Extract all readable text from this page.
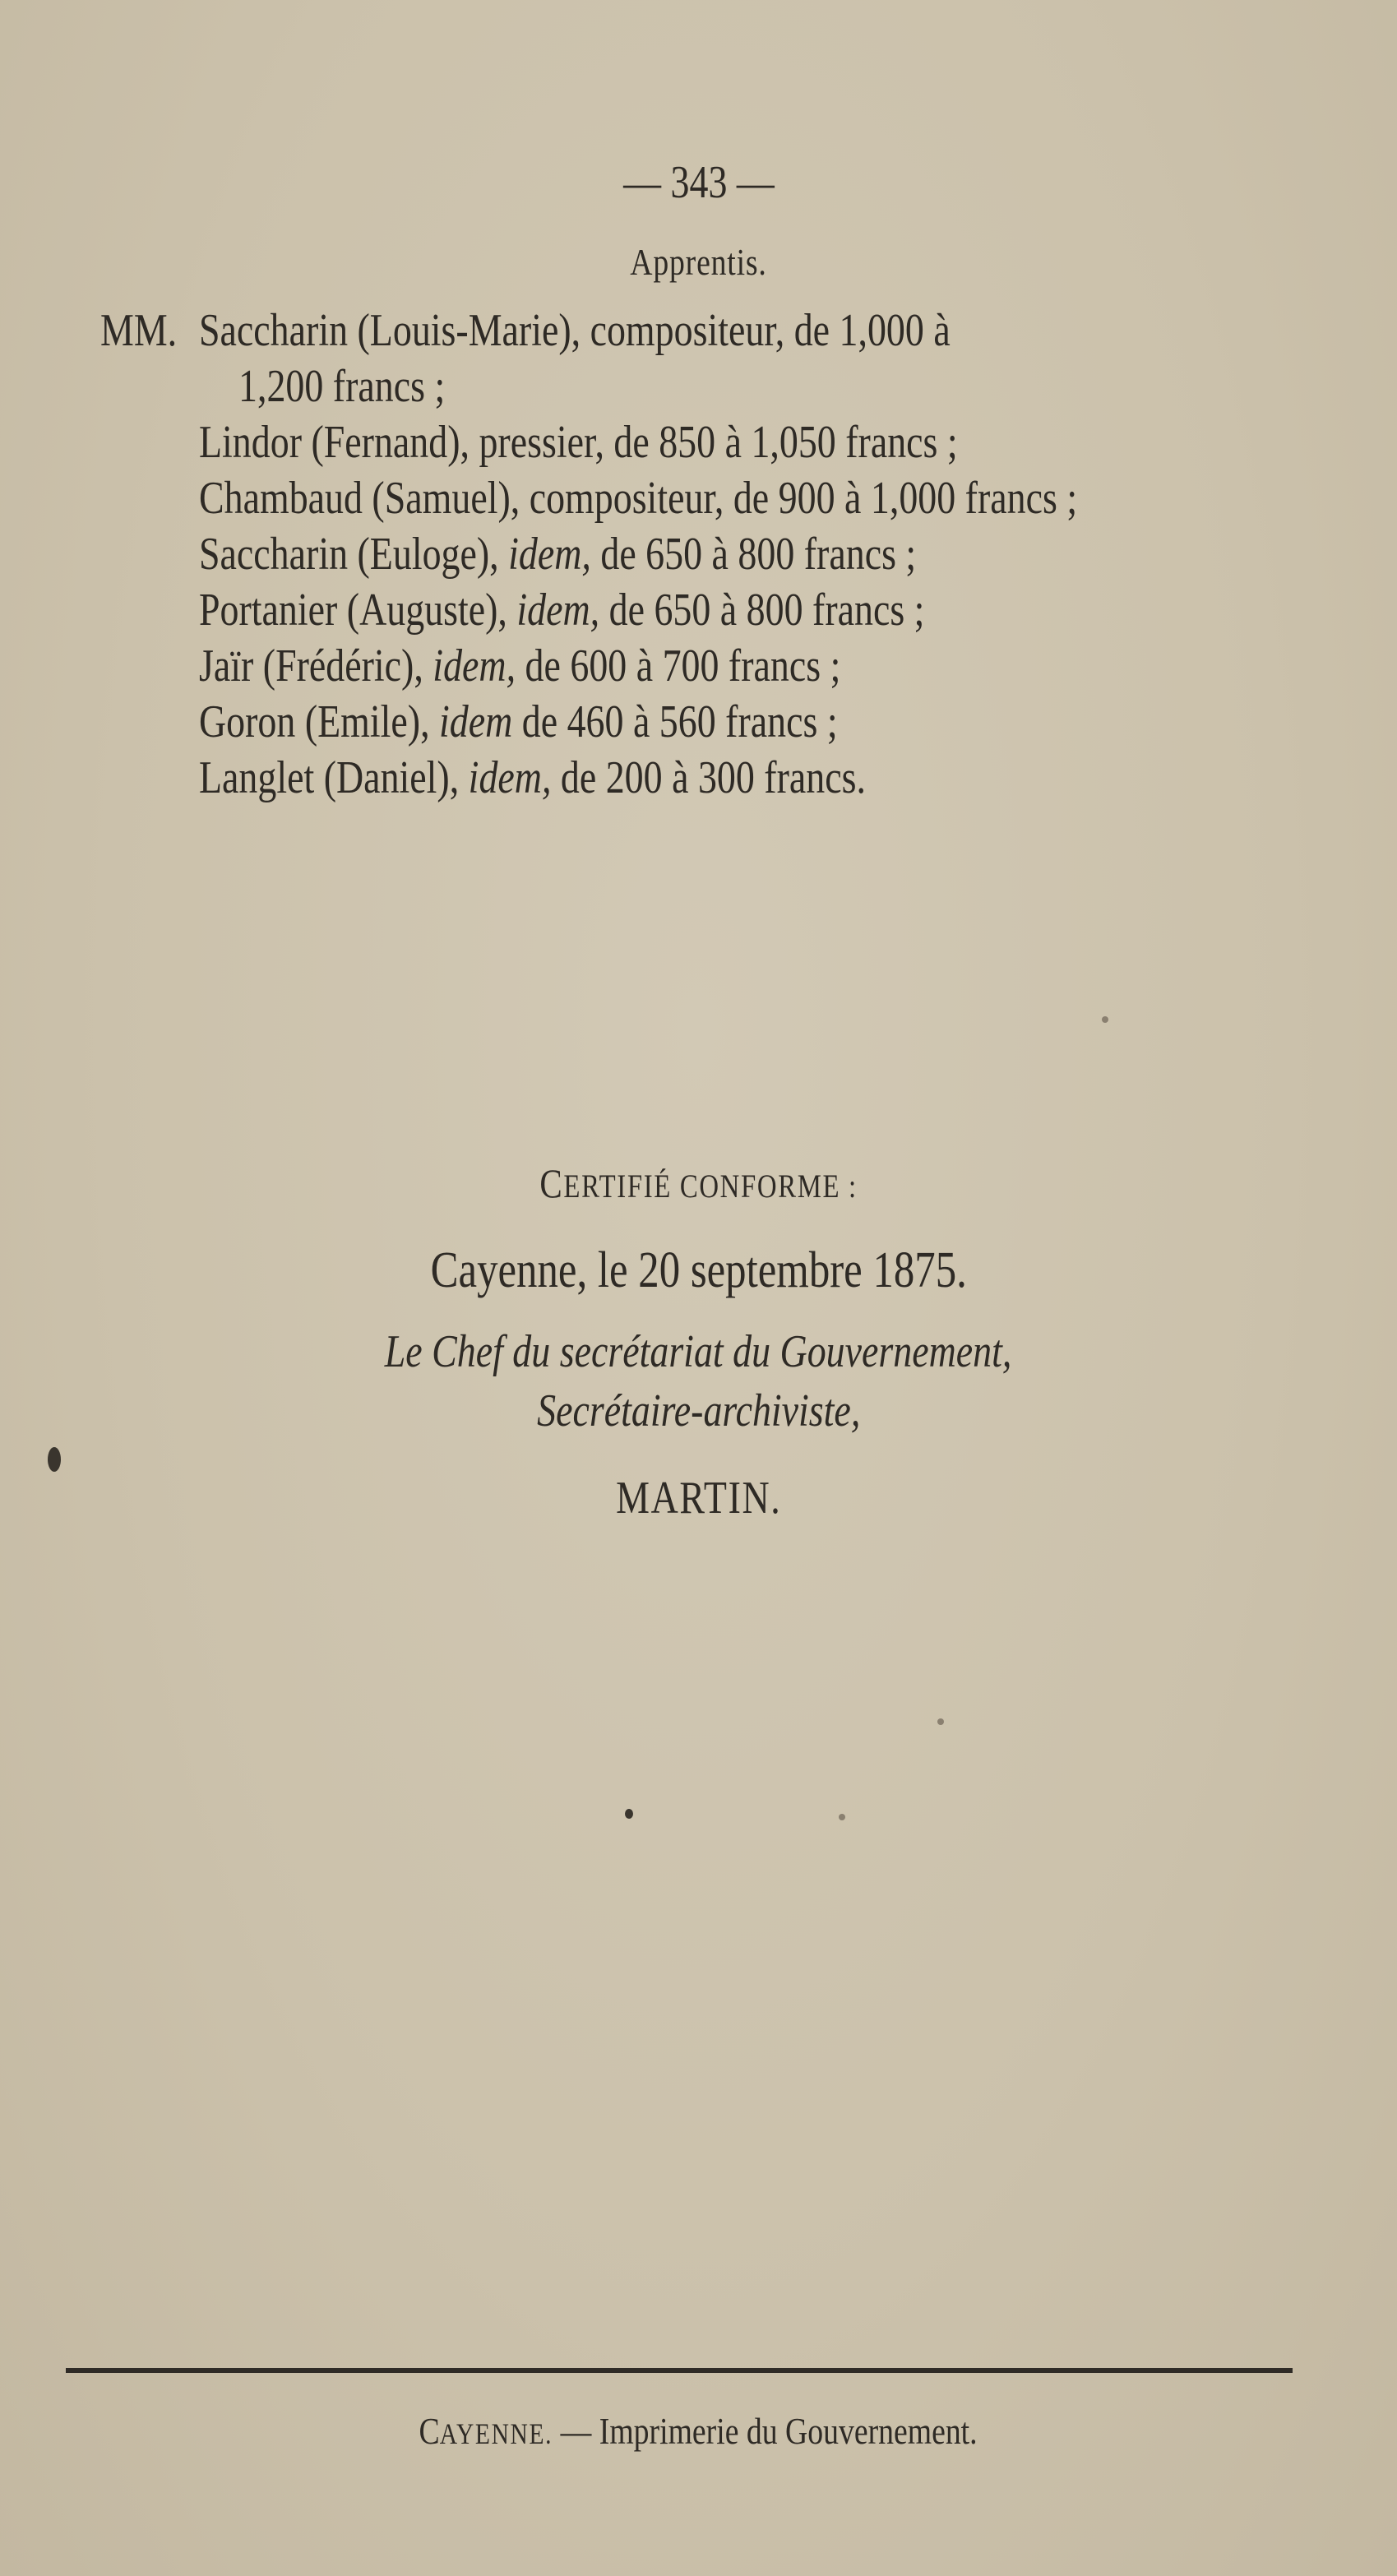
— 343 —
Apprentis.
MM. Saccharin (Louis-Marie), compositeur, de 1,000 à
1,200 francs ;
Lindor (Fernand), pressier, de 850 à 1,050 francs ;
Chambaud (Samuel), compositeur, de 900 à 1,000 francs ;
Saccharin (Euloge), idem, de 650 à 800 francs ;
Portanier (Auguste), idem, de 650 à 800 francs ;
Jaïr (Frédéric), idem, de 600 à 700 francs ;
Goron (Emile), idem de 460 à 560 francs ;
Langlet (Daniel), idem, de 200 à 300 francs.
CERTIFIÉ CONFORME :
Cayenne, le 20 septembre 1875.
Le Chef du secrétariat du Gouvernement,
Secrétaire-archiviste,
MARTIN.
CAYENNE. — Imprimerie du Gouvernement.
